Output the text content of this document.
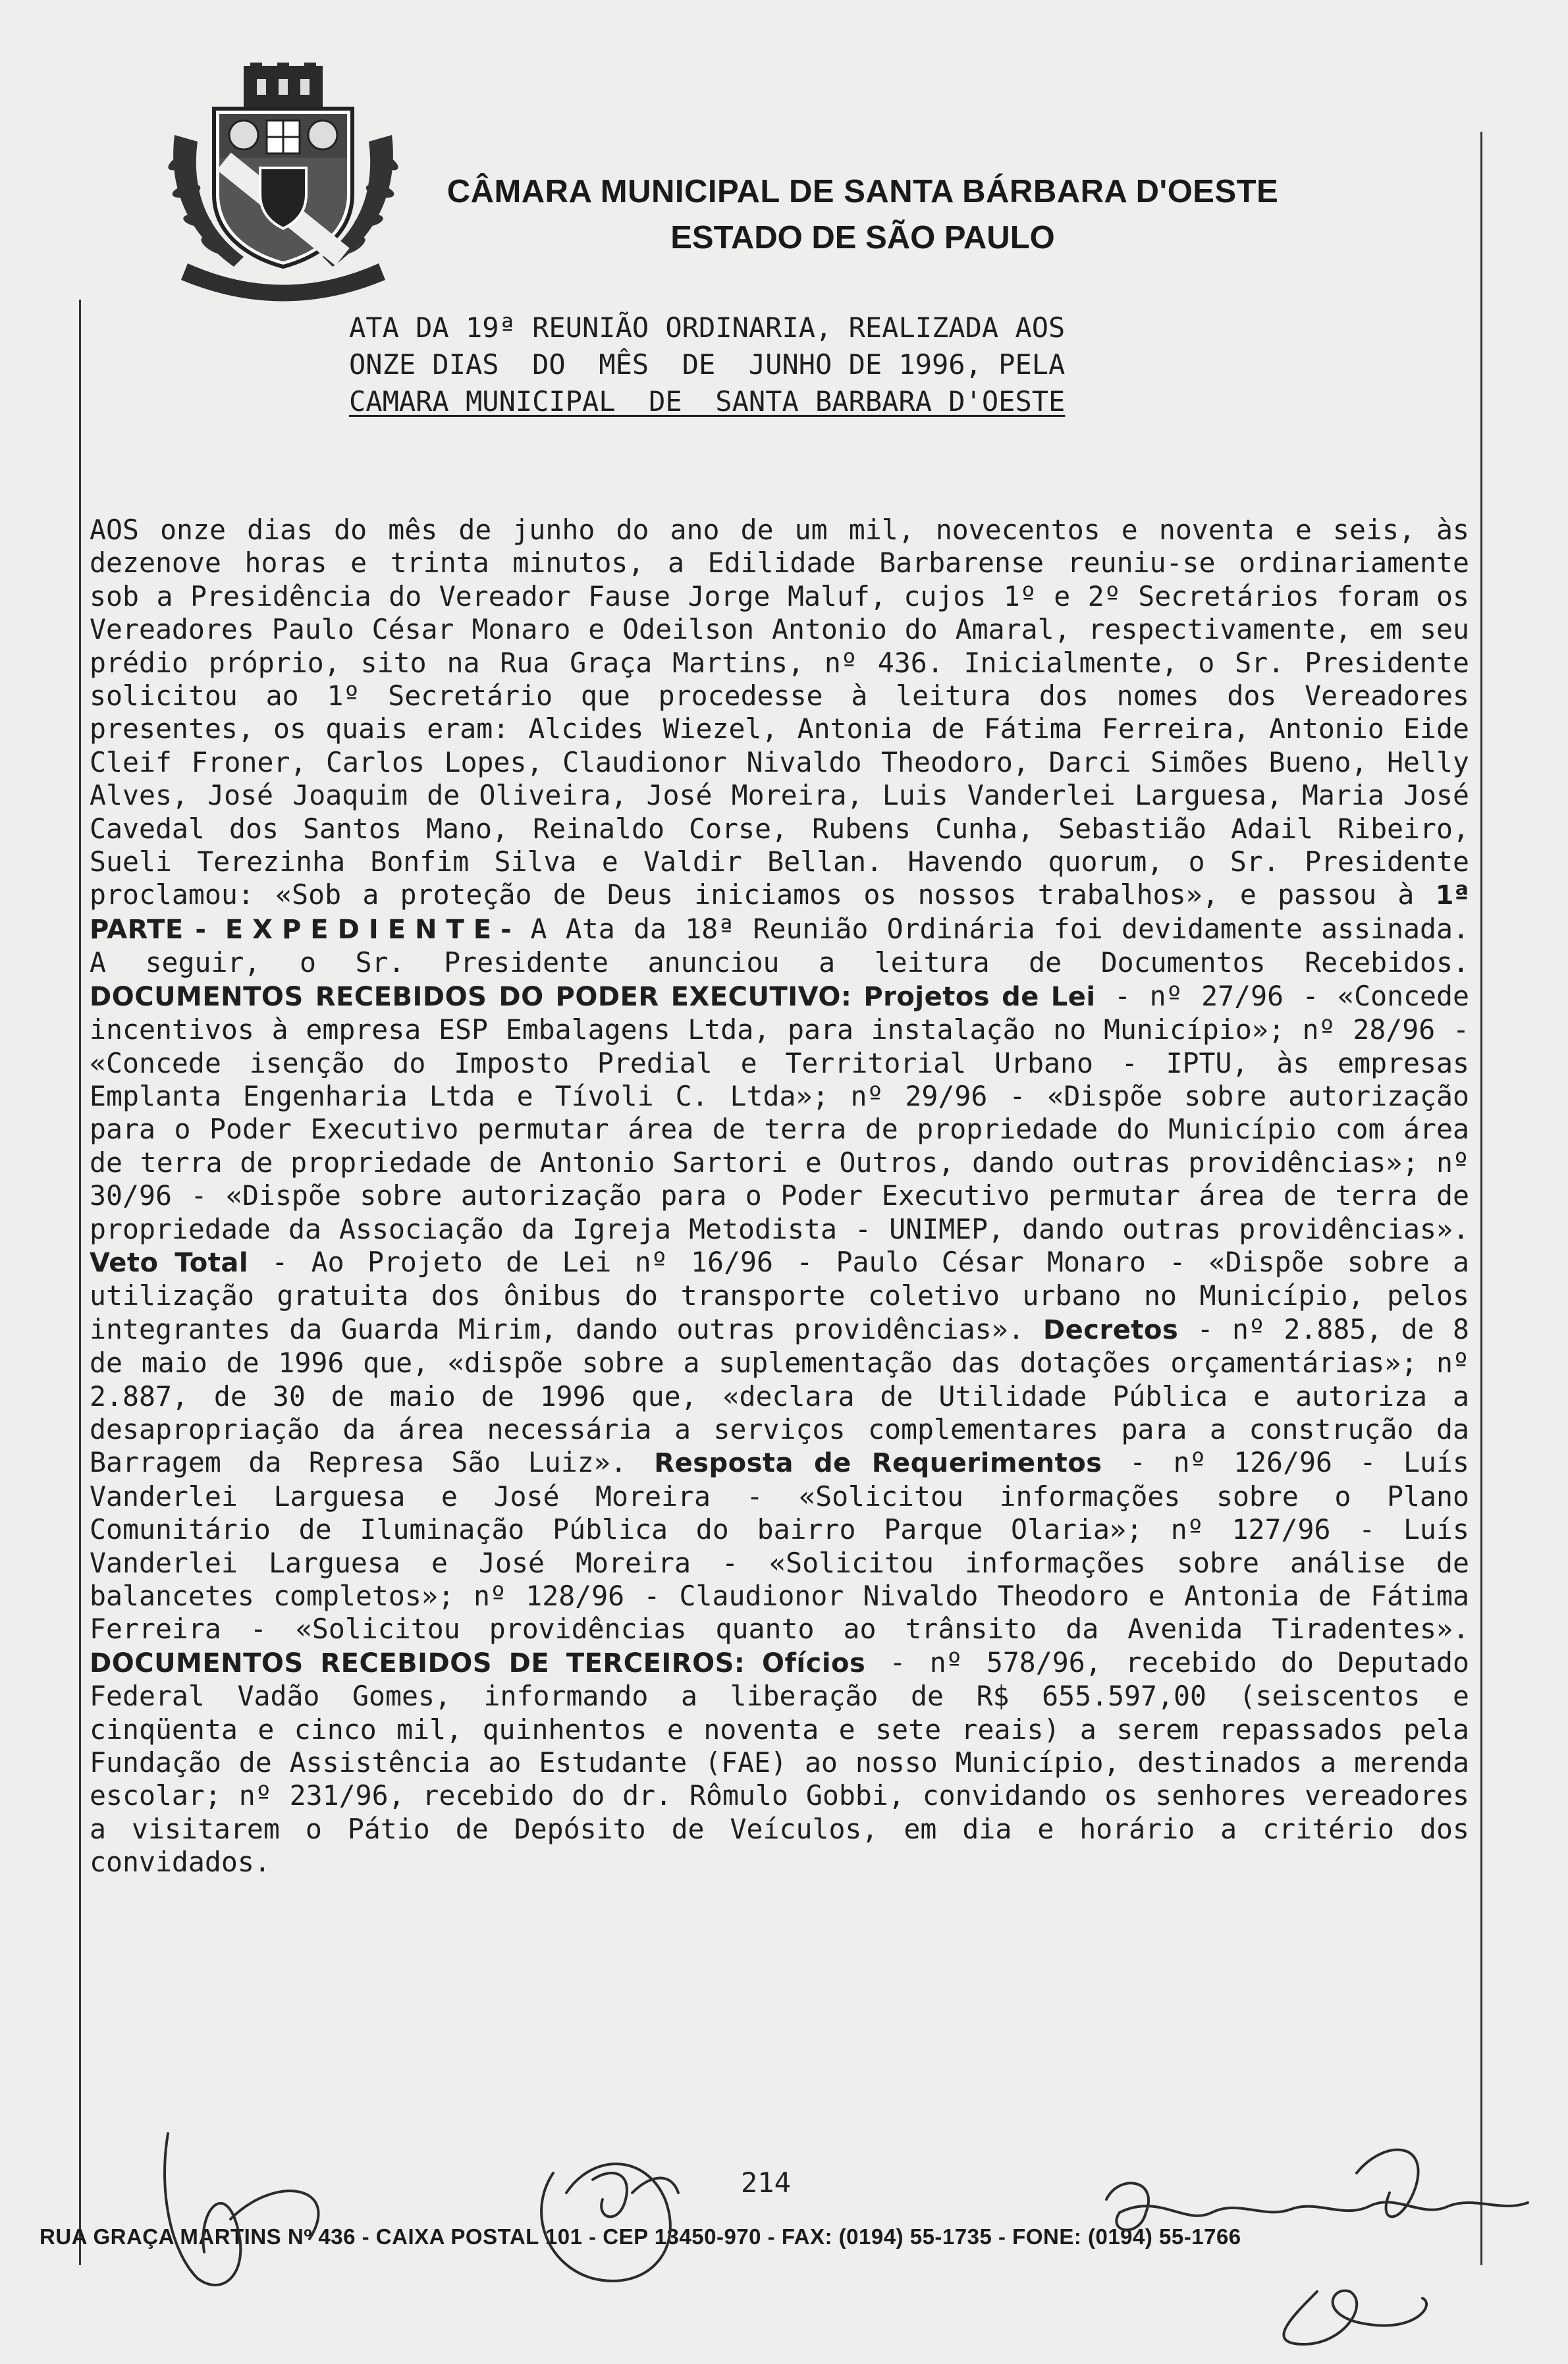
CÂMARA MUNICIPAL DE SANTA BÁRBARA D'OESTE
ESTADO DE SÃO PAULO
ATA DA 19ª REUNIÃO ORDINARIA, REALIZADA AOS
ONZE DIAS  DO  MÊS  DE  JUNHO DE 1996, PELA
CAMARA MUNICIPAL  DE  SANTA BARBARA D'OESTE

AOS onze dias do mês de junho do ano de um mil, novecentos e noventa e seis, às dezenove horas e trinta minutos, a Edilidade Barbarense reuniu-se ordinariamente sob a Presidência do Vereador Fause Jorge Maluf, cujos 1º e 2º Secretários foram os Vereadores Paulo César Monaro e Odeilson Antonio do Amaral, respectivamente, em seu prédio próprio, sito na Rua Graça Martins, nº 436. Inicialmente, o Sr. Presidente solicitou ao 1º Secretário que procedesse à leitura dos nomes dos Vereadores presentes, os quais eram: Alcides Wiezel, Antonia de Fátima Ferreira, Antonio Eide Cleif Froner, Carlos Lopes, Claudionor Nivaldo Theodoro, Darci Simões Bueno, Helly Alves, José Joaquim de Oliveira, José Moreira, Luis Vanderlei Larguesa, Maria José Cavedal dos Santos Mano, Reinaldo Corse, Rubens Cunha, Sebastião Adail Ribeiro, Sueli Terezinha Bonfim Silva e Valdir Bellan. Havendo quorum, o Sr. Presidente proclamou: «Sob a proteção de Deus iniciamos os nossos trabalhos», e passou à 1ª PARTE - EXPEDIENTE- A Ata da 18ª Reunião Ordinária foi devidamente assinada. A seguir, o Sr. Presidente anunciou a leitura de Documentos Recebidos. DOCUMENTOS RECEBIDOS DO PODER EXECUTIVO: Projetos de Lei - nº 27/96 - «Concede incentivos à empresa ESP Embalagens Ltda, para instalação no Município»; nº 28/96 - «Concede isenção do Imposto Predial e Territorial Urbano - IPTU, às empresas Emplanta Engenharia Ltda e Tívoli C. Ltda»; nº 29/96 - «Dispõe sobre autorização para o Poder Executivo permutar área de terra de propriedade do Município com área de terra de propriedade de Antonio Sartori e Outros, dando outras providências»; nº 30/96 - «Dispõe sobre autorização para o Poder Executivo permutar área de terra de propriedade da Associação da Igreja Metodista - UNIMEP, dando outras providências». Veto Total - Ao Projeto de Lei nº 16/96 - Paulo César Monaro - «Dispõe sobre a utilização gratuita dos ônibus do transporte coletivo urbano no Município, pelos integrantes da Guarda Mirim, dando outras providências». Decretos - nº 2.885, de 8 de maio de 1996 que, «dispõe sobre a suplementação das dotações orçamentárias»; nº 2.887, de 30 de maio de 1996 que, «declara de Utilidade Pública e autoriza a desapropriação da área necessária a serviços complementares para a construção da Barragem da Represa São Luiz». Resposta de Requerimentos - nº 126/96 - Luís Vanderlei Larguesa e José Moreira - «Solicitou informações sobre o Plano Comunitário de Iluminação Pública do bairro Parque Olaria»; nº 127/96 - Luís Vanderlei Larguesa e José Moreira - «Solicitou informações sobre análise de balancetes completos»; nº 128/96 - Claudionor Nivaldo Theodoro e Antonia de Fátima Ferreira - «Solicitou providências quanto ao trânsito da Avenida Tiradentes». DOCUMENTOS RECEBIDOS DE TERCEIROS: Ofícios - nº 578/96, recebido do Deputado Federal Vadão Gomes, informando a liberação de R$ 655.597,00 (seiscentos e cinqüenta e cinco mil, quinhentos e noventa e sete reais) a serem repassados pela Fundação de Assistência ao Estudante (FAE) ao nosso Município, destinados a merenda escolar; nº 231/96, recebido do dr. Rômulo Gobbi, convidando os senhores vereadores a visitarem o Pátio de Depósito de Veículos, em dia e horário a critério dos convidados.

214
RUA GRAÇA MARTINS Nº 436 - CAIXA POSTAL 101 - CEP 13450-970 - FAX: (0194) 55-1735 - FONE: (0194) 55-1766
